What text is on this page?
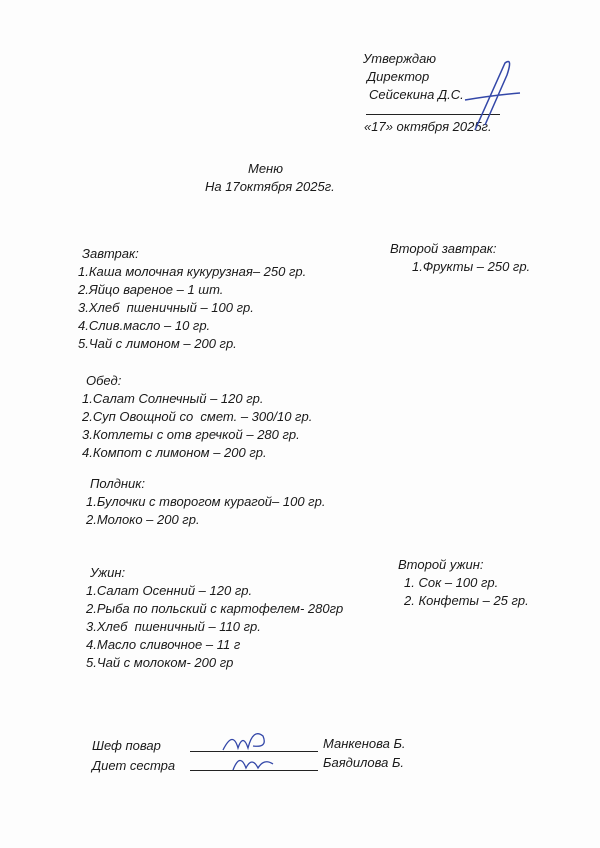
Утверждаю
Директор
Сейсекина Д.С.
«17» октября 2025г.
Меню
На 17октября 2025г.
Завтрак:
1.Каша молочная кукурузная– 250 гр.
2.Яйцо вареное – 1 шт.
3.Хлеб  пшеничный – 100 гр.
4.Слив.масло – 10 гр.
5.Чай с лимоном – 200 гр.
Второй завтрак:
1.Фрукты – 250 гр.
Обед:
1.Салат Солнечный – 120 гр.
2.Суп Овощной со  смет. – 300/10 гр.
3.Котлеты с отв гречкой – 280 гр.
4.Компот с лимоном – 200 гр.
Полдник:
1.Булочки с творогом курагой– 100 гр.
2.Молоко – 200 гр.
Ужин:
1.Салат Осенний – 120 гр.
2.Рыба по польский с картофелем- 280гр
3.Хлеб  пшеничный – 110 гр.
4.Масло сливочное – 11 г
5.Чай с молоком- 200 гр
Второй ужин:
1. Сок – 100 гр.
2. Конфеты – 25 гр.
Шеф повар	Манкенова Б.
Диет сестра	Баядилова Б.
